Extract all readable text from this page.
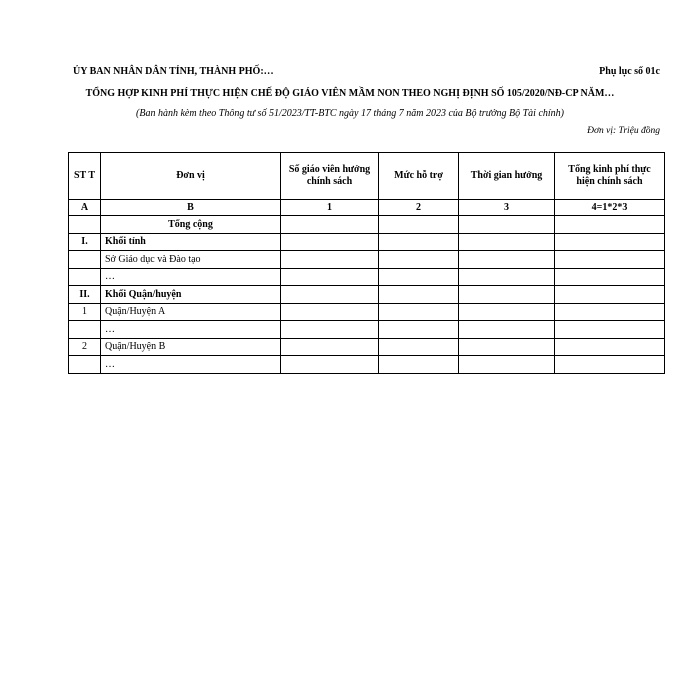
ỦY BAN NHÂN DÂN TỈNH, THÀNH PHỐ:…	Phụ lục số 01c
TỔNG HỢP KINH PHÍ THỰC HIỆN CHẾ ĐỘ GIÁO VIÊN MẦM NON THEO NGHỊ ĐỊNH SỐ 105/2020/NĐ-CP NĂM…
(Ban hành kèm theo Thông tư số 51/2023/TT-BTC ngày 17 tháng 7 năm 2023 của Bộ trưởng Bộ Tài chính)
Đơn vị: Triệu đồng
ST T	Đơn vị	Số giáo viên hưởng chính sách	Mức hỗ trợ	Thời gian hưởng	Tổng kinh phí thực hiện chính sách
A	B	1	2	3	4=1*2*3
	Tổng cộng				
I.	Khối tỉnh				
	Sở Giáo dục và Đào tạo				
	…				
II.	Khối Quận/huyện				
1	Quận/Huyện A				
	…				
2	Quận/Huyện B				
	…				
